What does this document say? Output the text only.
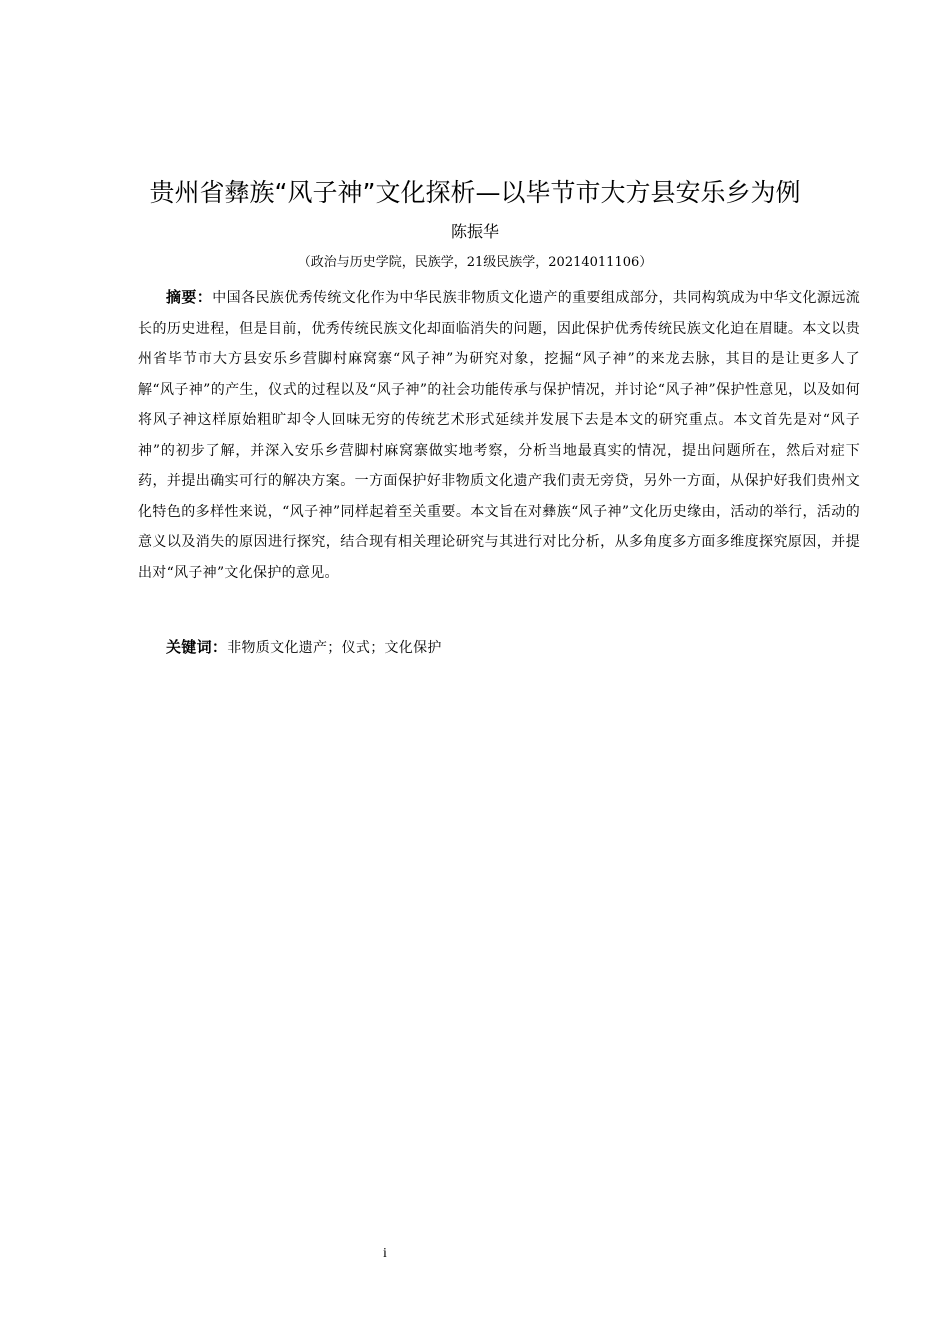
贵州省彝族“风子神”文化探析—以毕节市大方县安乐乡为例
陈振华
（政治与历史学院，民族学，21级民族学，20214011106）

摘要：中国各民族优秀传统文化作为中华民族非物质文化遗产的重要组成部分，共同构筑成为中华文化源远流长的历史进程，但是目前，优秀传统民族文化却面临消失的问题，因此保护优秀传统民族文化迫在眉睫。本文以贵州省毕节市大方县安乐乡营脚村麻窝寨“风子神”为研究对象，挖掘“风子神”的来龙去脉，其目的是让更多人了解“风子神”的产生，仪式的过程以及“风子神”的社会功能传承与保护情况，并讨论“风子神”保护性意见，以及如何将风子神这样原始粗旷却令人回味无穷的传统艺术形式延续并发展下去是本文的研究重点。本文首先是对“风子神”的初步了解，并深入安乐乡营脚村麻窝寨做实地考察，分析当地最真实的情况，提出问题所在，然后对症下药，并提出确实可行的解决方案。一方面保护好非物质文化遗产我们责无旁贷，另外一方面，从保护好我们贵州文化特色的多样性来说，“风子神”同样起着至关重要。本文旨在对彝族“风子神”文化历史缘由，活动的举行，活动的意义以及消失的原因进行探究，结合现有相关理论研究与其进行对比分析，从多角度多方面多维度探究原因，并提出对“风子神”文化保护的意见。

关键词：非物质文化遗产；仪式；文化保护

i
